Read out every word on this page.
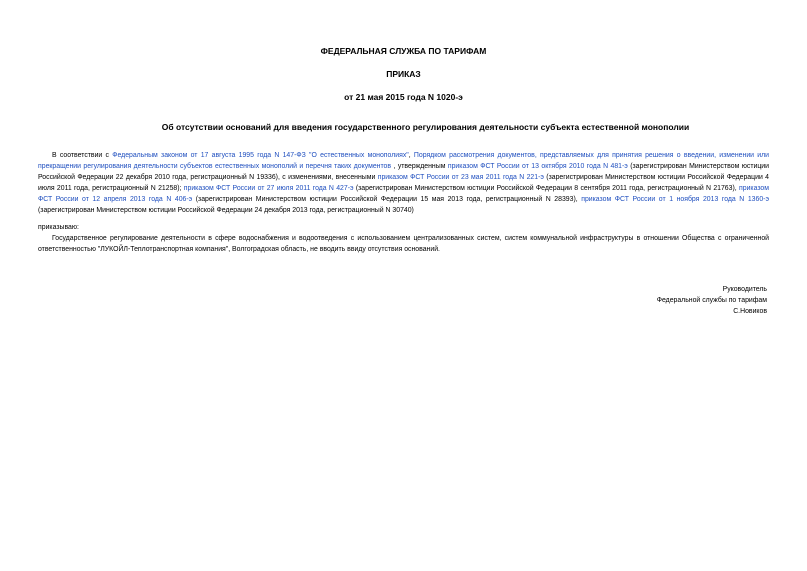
ФЕДЕРАЛЬНАЯ СЛУЖБА ПО ТАРИФАМ
ПРИКАЗ
от 21 мая 2015 года N 1020-э
Об отсутствии оснований для введения государственного регулирования деятельности субъекта естественной монополии
В соответствии с Федеральным законом от 17 августа 1995 года N 147-ФЗ "О естественных монополиях", Порядком рассмотрения документов, представляемых для принятия решения о введении, изменении или прекращении регулирования деятельности субъектов естественных монополий и перечня таких документов , утвержденным приказом ФСТ России от 13 октября 2010 года N 481-э (зарегистрирован Министерством юстиции Российской Федерации 22 декабря 2010 года, регистрационный N 19336), с изменениями, внесенными приказом ФСТ России от 23 мая 2011 года N 221-э (зарегистрирован Министерством юстиции Российской Федерации 4 июля 2011 года, регистрационный N 21258); приказом ФСТ России от 27 июля 2011 года N 427-э (зарегистрирован Министерством юстиции Российской Федерации 8 сентября 2011 года, регистрационный N 21763), приказом ФСТ России от 12 апреля 2013 года N 406-э (зарегистрирован Министерством юстиции Российской Федерации 15 мая 2013 года, регистрационный N 28393), приказом ФСТ России от 1 ноября 2013 года N 1360-э (зарегистрирован Министерством юстиции Российской Федерации 24 декабря 2013 года, регистрационный N 30740)
приказываю:
Государственное регулирование деятельности в сфере водоснабжения и водоотведения с использованием централизованных систем, систем коммунальной инфраструктуры в отношении Общества с ограниченной ответственностью "ЛУКОЙЛ-Теплотранспортная компания", Волгоградская область, не вводить ввиду отсутствия оснований.
Руководитель
Федеральной службы по тарифам
С.Новиков
